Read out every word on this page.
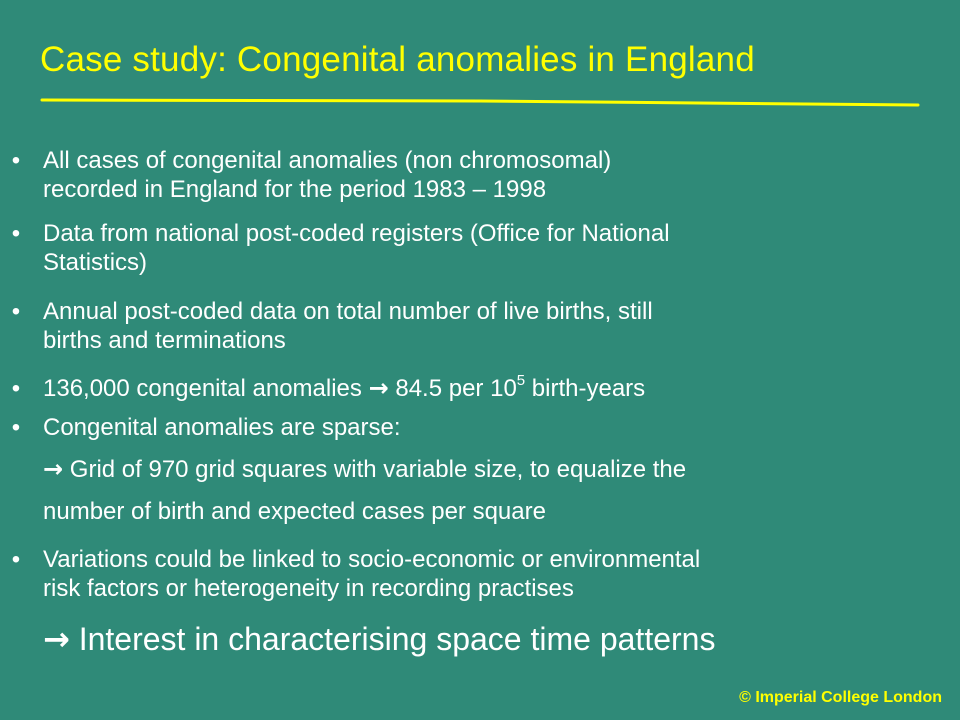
Case study: Congenital anomalies in England
• All cases of congenital anomalies (non chromosomal)
recorded in England for the period 1983 – 1998
• Data from national post-coded registers (Office for National
Statistics)
• Annual post-coded data on total number of live births, still
births and terminations
• 136,000 congenital anomalies → 84.5 per $10^5$ birth-years
• Congenital anomalies are sparse:
→ Grid of 970 grid squares with variable size, to equalize the
number of birth and expected cases per square
• Variations could be linked to socio-economic or environmental
risk factors or heterogeneity in recording practises
→ Interest in characterising space time patterns
© Imperial College London
